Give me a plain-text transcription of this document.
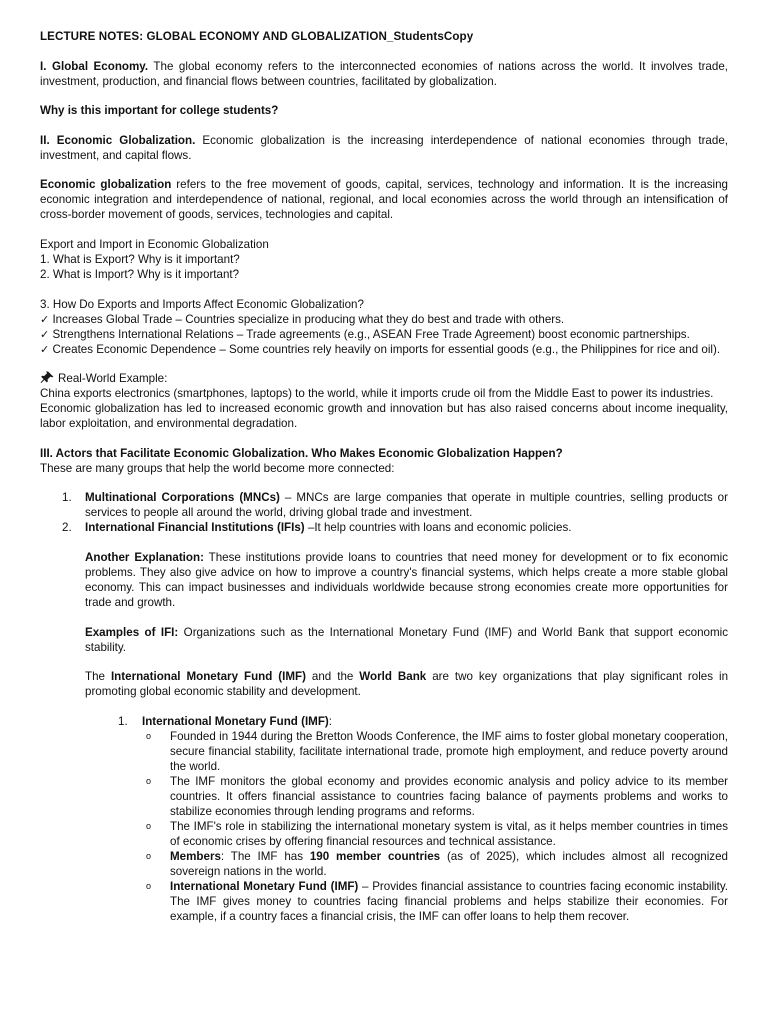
LECTURE NOTES: GLOBAL ECONOMY AND GLOBALIZATION_StudentsCopy

I. Global Economy. The global economy refers to the interconnected economies of nations across the world. It involves trade, investment, production, and financial flows between countries, facilitated by globalization.

Why is this important for college students?

II. Economic Globalization. Economic globalization is the increasing interdependence of national economies through trade, investment, and capital flows.

Economic globalization refers to the free movement of goods, capital, services, technology and information. It is the increasing economic integration and interdependence of national, regional, and local economies across the world through an intensification of cross-border movement of goods, services, technologies and capital.

Export and Import in Economic Globalization

1. What is Export? Why is it important?

2. What is Import? Why is it important?

3. How Do Exports and Imports Affect Economic Globalization?

✓ Increases Global Trade – Countries specialize in producing what they do best and trade with others.

✓ Strengthens International Relations – Trade agreements (e.g., ASEAN Free Trade Agreement) boost economic partnerships.

✓ Creates Economic Dependence – Some countries rely heavily on imports for essential goods (e.g., the Philippines for rice and oil).

Real-World Example:

China exports electronics (smartphones, laptops) to the world, while it imports crude oil from the Middle East to power its industries.

Economic globalization has led to increased economic growth and innovation but has also raised concerns about income inequality, labor exploitation, and environmental degradation.

III. Actors that Facilitate Economic Globalization. Who Makes Economic Globalization Happen?

These are many groups that help the world become more connected:

1. Multinational Corporations (MNCs) – MNCs are large companies that operate in multiple countries, selling products or services to people all around the world, driving global trade and investment.

2. International Financial Institutions (IFIs) –It help countries with loans and economic policies.

Another Explanation: These institutions provide loans to countries that need money for development or to fix economic problems. They also give advice on how to improve a country's financial systems, which helps create a more stable global economy. This can impact businesses and individuals worldwide because strong economies create more opportunities for trade and growth.

Examples of IFI: Organizations such as the International Monetary Fund (IMF) and World Bank that support economic stability.

The International Monetary Fund (IMF) and the World Bank are two key organizations that play significant roles in promoting global economic stability and development.

1. International Monetary Fund (IMF):

o Founded in 1944 during the Bretton Woods Conference, the IMF aims to foster global monetary cooperation, secure financial stability, facilitate international trade, promote high employment, and reduce poverty around the world.

o The IMF monitors the global economy and provides economic analysis and policy advice to its member countries. It offers financial assistance to countries facing balance of payments problems and works to stabilize economies through lending programs and reforms.

o The IMF's role in stabilizing the international monetary system is vital, as it helps member countries in times of economic crises by offering financial resources and technical assistance.

o Members: The IMF has 190 member countries (as of 2025), which includes almost all recognized sovereign nations in the world.

o International Monetary Fund (IMF) – Provides financial assistance to countries facing economic instability. The IMF gives money to countries facing financial problems and helps stabilize their economies. For example, if a country faces a financial crisis, the IMF can offer loans to help them recover.
